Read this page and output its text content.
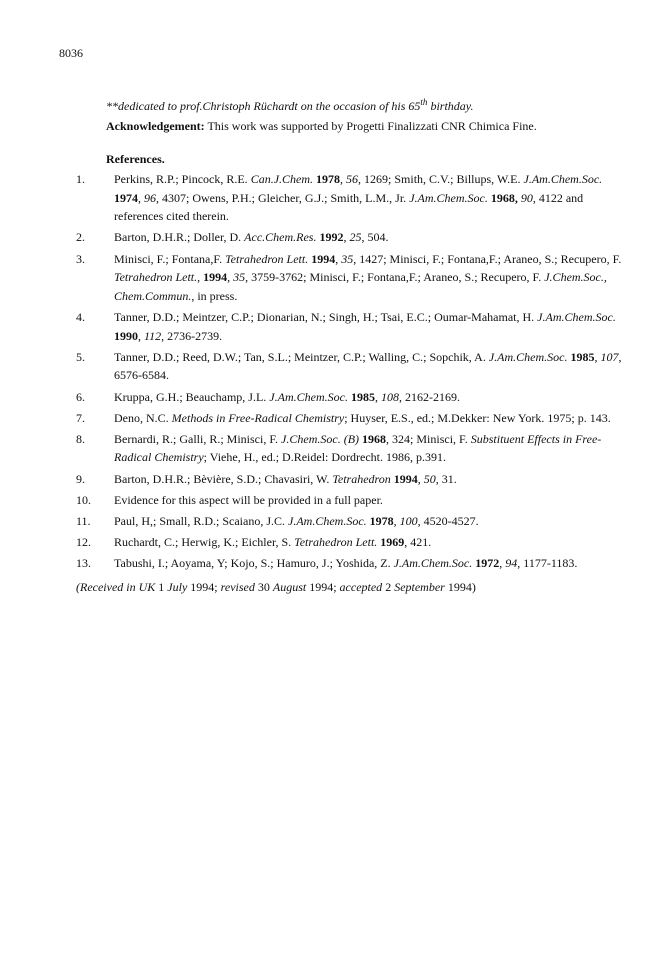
8036
**dedicated to prof.Christoph Rüchardt on the occasion of his 65th birthday.
Acknowledgement: This work was supported by Progetti Finalizzati CNR Chimica Fine.
References.
1. Perkins, R.P.; Pincock, R.E. Can.J.Chem. 1978, 56, 1269; Smith, C.V.; Billups, W.E. J.Am.Chem.Soc. 1974, 96, 4307; Owens, P.H.; Gleicher, G.J.; Smith, L.M., Jr. J.Am.Chem.Soc. 1968, 90, 4122 and references cited therein.
2. Barton, D.H.R.; Doller, D. Acc.Chem.Res. 1992, 25, 504.
3. Minisci, F.; Fontana,F. Tetrahedron Lett. 1994, 35, 1427; Minisci, F.; Fontana,F.; Araneo, S.; Recupero, F. Tetrahedron Lett., 1994, 35, 3759-3762; Minisci, F.; Fontana,F.; Araneo, S.; Recupero, F. J.Chem.Soc., Chem.Commun., in press.
4. Tanner, D.D.; Meintzer, C.P.; Dionarian, N.; Singh, H.; Tsai, E.C.; Oumar-Mahamat, H. J.Am.Chem.Soc. 1990, 112, 2736-2739.
5. Tanner, D.D.; Reed, D.W.; Tan, S.L.; Meintzer, C.P.; Walling, C.; Sopchik, A. J.Am.Chem.Soc. 1985, 107, 6576-6584.
6. Kruppa, G.H.; Beauchamp, J.L. J.Am.Chem.Soc. 1985, 108, 2162-2169.
7. Deno, N.C. Methods in Free-Radical Chemistry; Huyser, E.S., ed.; M.Dekker: New York. 1975; p. 143.
8. Bernardi, R.; Galli, R.; Minisci, F. J.Chem.Soc. (B) 1968, 324; Minisci, F. Substituent Effects in Free-Radical Chemistry; Viehe, H., ed.; D.Reidel: Dordrecht. 1986, p.391.
9. Barton, D.H.R.; Bèvière, S.D.; Chavasiri, W. Tetrahedron 1994, 50, 31.
10. Evidence for this aspect will be provided in a full paper.
11. Paul, H,; Small, R.D.; Scaiano, J.C. J.Am.Chem.Soc. 1978, 100, 4520-4527.
12. Ruchardt, C.; Herwig, K.; Eichler, S. Tetrahedron Lett. 1969, 421.
13. Tabushi, I.; Aoyama, Y; Kojo, S.; Hamuro, J.; Yoshida, Z. J.Am.Chem.Soc. 1972, 94, 1177-1183.
(Received in UK 1 July 1994; revised 30 August 1994; accepted 2 September 1994)
